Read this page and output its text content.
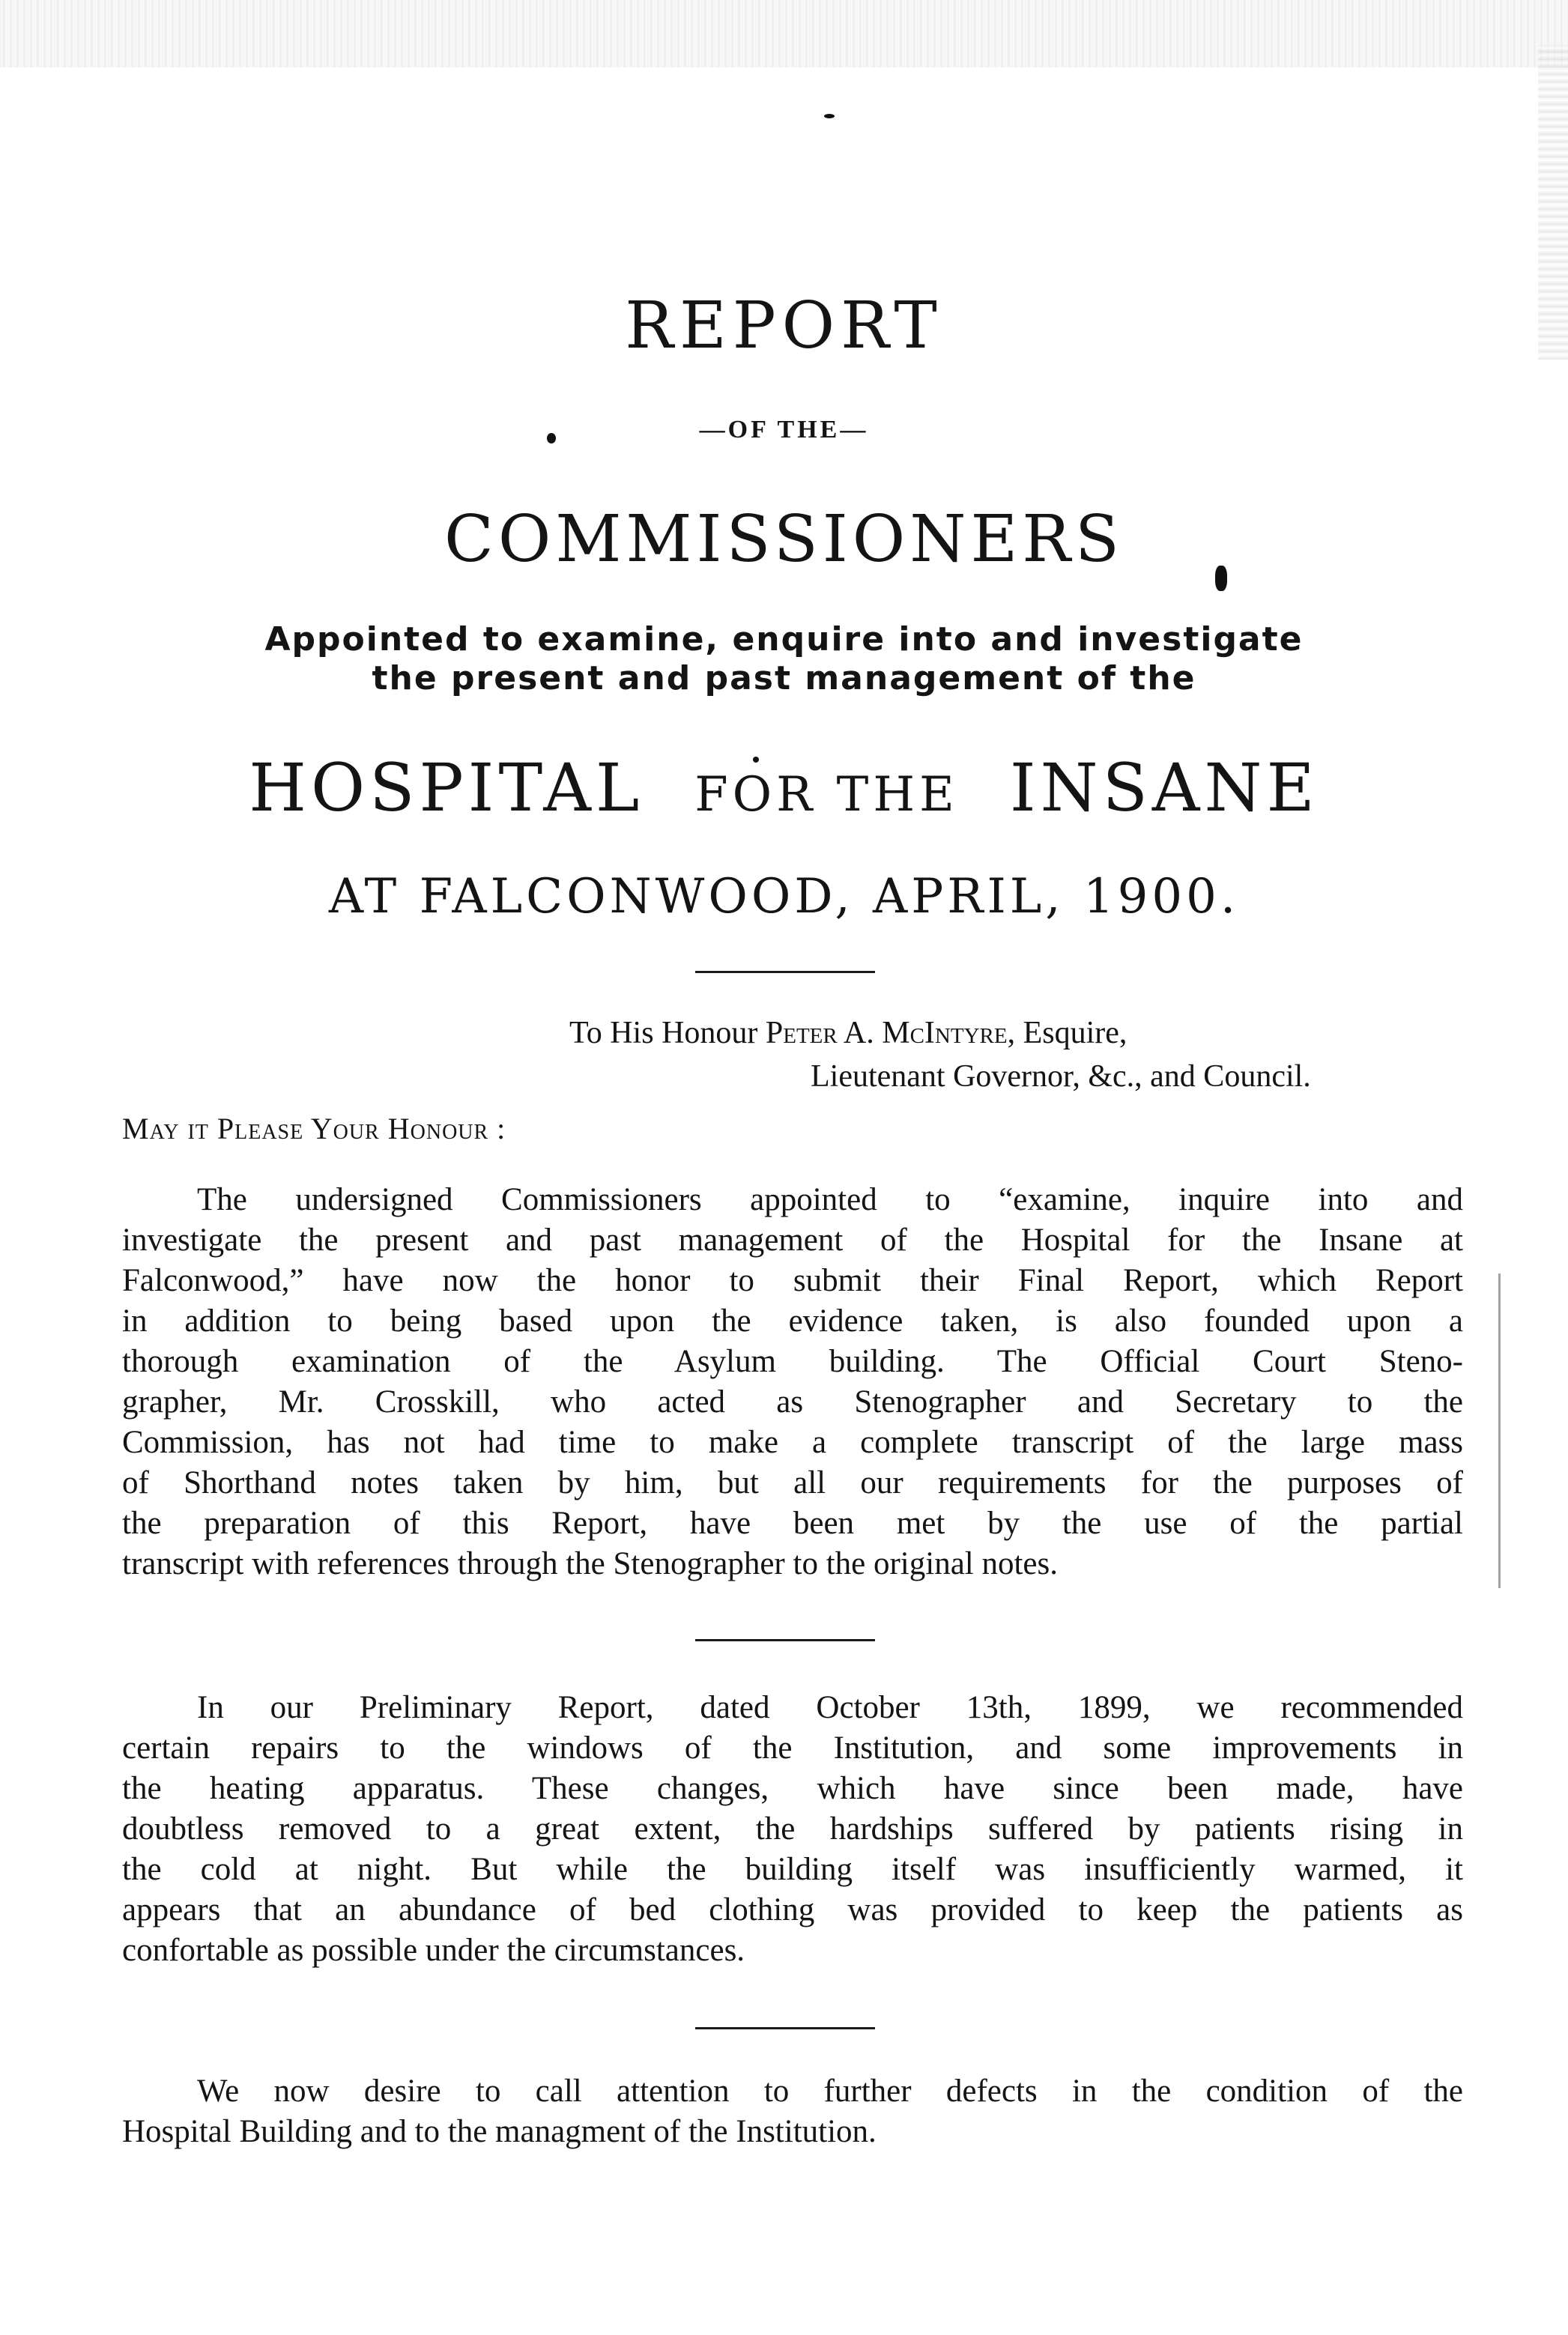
REPORT
—OF THE—
COMMISSIONERS
Appointed to examine, enquire into and investigate
the present and past management of the
HOSPITAL FOR THE INSANE
AT FALCONWOOD, APRIL, 1900.
To His Honour Peter A. McIntyre, Esquire,
Lieutenant Governor, &c., and Council.
May it Please Your Honour :
The undersigned Commissioners appointed to “examine, inquire into and
investigate the present and past management of the Hospital for the Insane at
Falconwood,” have now the honor to submit their Final Report, which Report
in addition to being based upon the evidence taken, is also founded upon a
thorough examination of the Asylum building. The Official Court Steno-
grapher, Mr. Crosskill, who acted as Stenographer and Secretary to the
Commission, has not had time to make a complete transcript of the large mass
of Shorthand notes taken by him, but all our requirements for the purposes of
the preparation of this Report, have been met by the use of the partial
transcript with references through the Stenographer to the original notes.
In our Preliminary Report, dated October 13th, 1899, we recommended
certain repairs to the windows of the Institution, and some improvements in
the heating apparatus. These changes, which have since been made, have
doubtless removed to a great extent, the hardships suffered by patients rising in
the cold at night. But while the building itself was insufficiently warmed, it
appears that an abundance of bed clothing was provided to keep the patients as
confortable as possible under the circumstances.
We now desire to call attention to further defects in the condition of the
Hospital Building and to the managment of the Institution.
